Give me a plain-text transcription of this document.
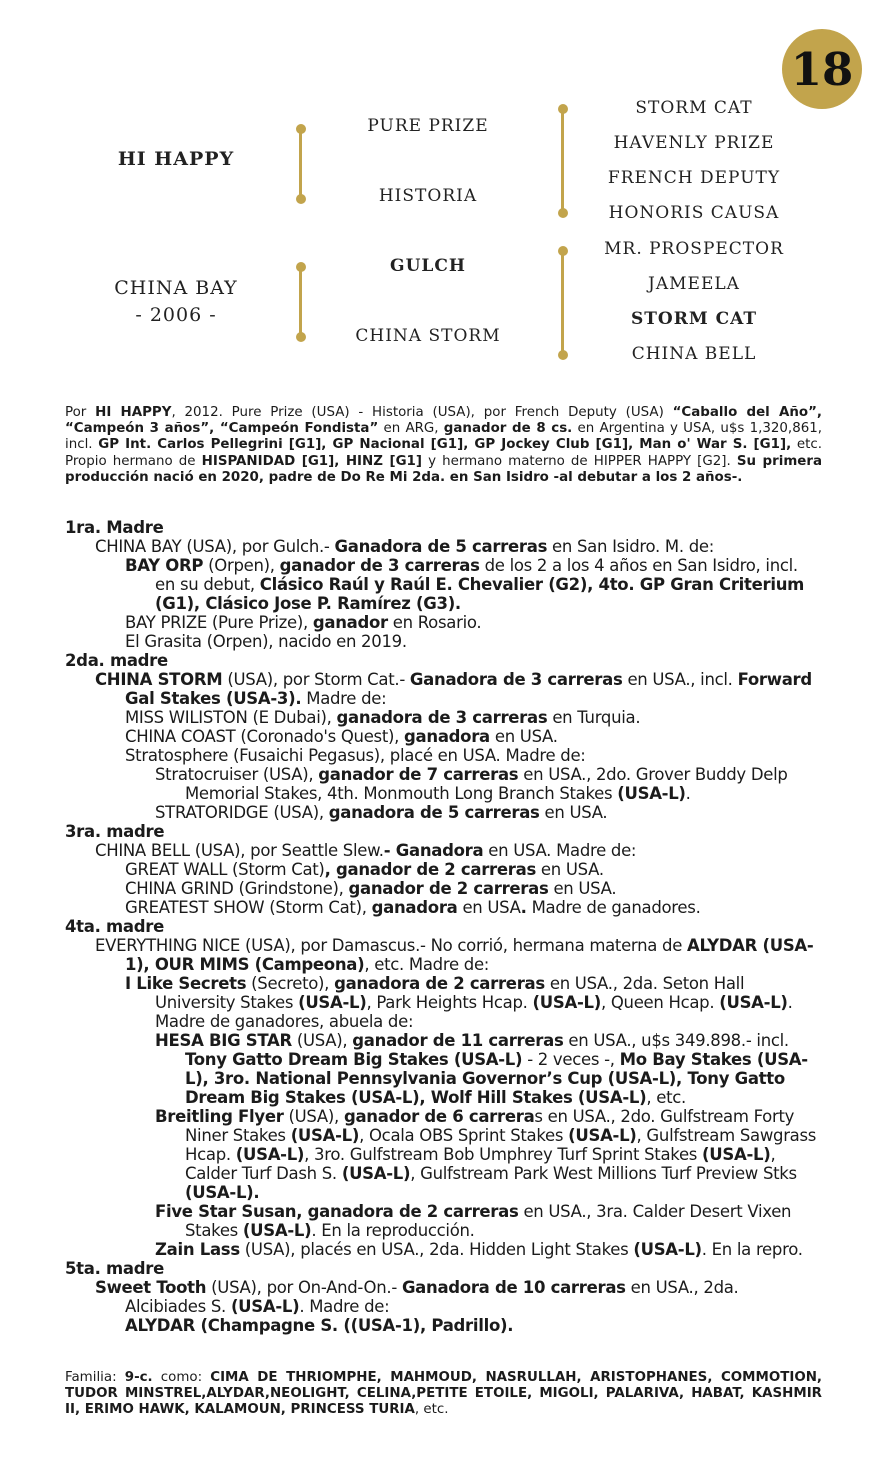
18
HI HAPPY
CHINA BAY
- 2006 -
PURE PRIZE
HISTORIA
GULCH
CHINA STORM
STORM CAT
HAVENLY PRIZE
FRENCH DEPUTY
HONORIS CAUSA
MR. PROSPECTOR
JAMEELA
STORM CAT
CHINA BELL
Por HI HAPPY, 2012. Pure Prize (USA) - Historia (USA), por French Deputy (USA) “Caballo del Año”, “Campeón 3 años”, “Campeón Fondista” en ARG, ganador de 8 cs. en Argentina y USA, u$s 1,320,861, incl. GP Int. Carlos Pellegrini [G1], GP Nacional [G1], GP Jockey Club [G1], Man o' War S. [G1], etc. Propio hermano de HISPANIDAD [G1], HINZ [G1] y hermano materno de HIPPER HAPPY [G2]. Su primera producción nació en 2020, padre de Do Re Mi 2da. en San Isidro -al debutar a los 2 años-.
1ra. Madre
CHINA BAY (USA), por Gulch.- Ganadora de 5 carreras en San Isidro. M. de:
BAY ORP (Orpen), ganador de 3 carreras de los 2 a los 4 años en San Isidro, incl. en su debut, Clásico Raúl y Raúl E. Chevalier (G2), 4to. GP Gran Criterium (G1), Clásico Jose P. Ramírez (G3).
BAY PRIZE (Pure Prize), ganador en Rosario.
El Grasita (Orpen), nacido en 2019.
2da. madre
CHINA STORM (USA), por Storm Cat.- Ganadora de 3 carreras en USA., incl. Forward Gal Stakes (USA-3). Madre de:
MISS WILISTON (E Dubai), ganadora de 3 carreras en Turquia.
CHINA COAST (Coronado's Quest), ganadora en USA.
Stratosphere (Fusaichi Pegasus), placé en USA. Madre de:
Stratocruiser (USA), ganador de 7 carreras en USA., 2do. Grover Buddy Delp Memorial Stakes, 4th. Monmouth Long Branch Stakes (USA-L).
STRATORIDGE (USA), ganadora de 5 carreras en USA.
3ra. madre
CHINA BELL (USA), por Seattle Slew.- Ganadora en USA. Madre de:
GREAT WALL (Storm Cat), ganador de 2 carreras en USA.
CHINA GRIND (Grindstone), ganador de 2 carreras en USA.
GREATEST SHOW (Storm Cat), ganadora en USA. Madre de ganadores.
4ta. madre
EVERYTHING NICE (USA), por Damascus.- No corrió, hermana materna de ALYDAR (USA-1), OUR MIMS (Campeona), etc. Madre de:
I Like Secrets (Secreto), ganadora de 2 carreras en USA., 2da. Seton Hall University Stakes (USA-L), Park Heights Hcap. (USA-L), Queen Hcap. (USA-L). Madre de ganadores, abuela de:
HESA BIG STAR (USA), ganador de 11 carreras en USA., u$s 349.898.- incl. Tony Gatto Dream Big Stakes (USA-L) - 2 veces -, Mo Bay Stakes (USA-L), 3ro. National Pennsylvania Governor’s Cup (USA-L), Tony Gatto Dream Big Stakes (USA-L), Wolf Hill Stakes (USA-L), etc.
Breitling Flyer (USA), ganador de 6 carreras en USA., 2do. Gulfstream Forty Niner Stakes (USA-L), Ocala OBS Sprint Stakes (USA-L), Gulfstream Sawgrass Hcap. (USA-L), 3ro. Gulfstream Bob Umphrey Turf Sprint Stakes (USA-L), Calder Turf Dash S. (USA-L), Gulfstream Park West Millions Turf Preview Stks (USA-L).
Five Star Susan, ganadora de 2 carreras en USA., 3ra. Calder Desert Vixen Stakes (USA-L). En la reproducción.
Zain Lass (USA), placés en USA., 2da. Hidden Light Stakes (USA-L). En la repro.
5ta. madre
Sweet Tooth (USA), por On-And-On.- Ganadora de 10 carreras en USA., 2da. Alcibiades S. (USA-L). Madre de:
ALYDAR (Champagne S. ((USA-1), Padrillo).
Familia: 9-c. como: CIMA DE THRIOMPHE, MAHMOUD, NASRULLAH, ARISTOPHANES, COMMOTION, TUDOR MINSTREL,ALYDAR,NEOLIGHT, CELINA,PETITE ETOILE, MIGOLI, PALARIVA, HABAT, KASHMIR II, ERIMO HAWK, KALAMOUN, PRINCESS TURIA, etc.
